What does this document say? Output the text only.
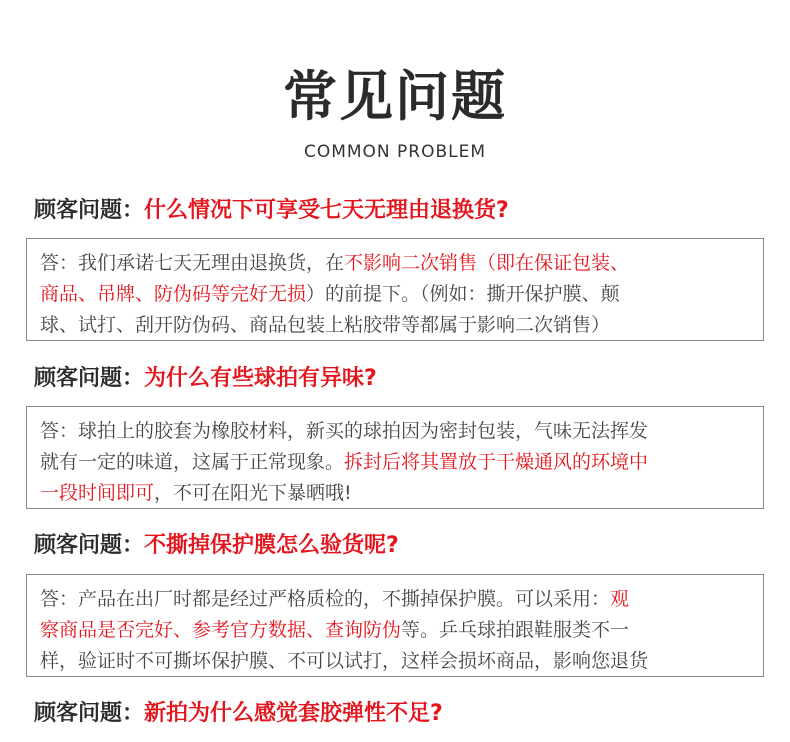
常见问题
COMMON PROBLEM
顾客问题：什么情况下可享受七天无理由退换货?
答：我们承诺七天无理由退换货，在不影响二次销售（即在保证包装、
商品、吊牌、防伪码等完好无损）的前提下。（例如：撕开保护膜、颠
球、试打、刮开防伪码、商品包装上粘胶带等都属于影响二次销售）
顾客问题：为什么有些球拍有异味?
答：球拍上的胶套为橡胶材料，新买的球拍因为密封包装，气味无法挥发
就有一定的味道，这属于正常现象。拆封后将其置放于干燥通风的环境中
一段时间即可，不可在阳光下暴晒哦!
顾客问题：不撕掉保护膜怎么验货呢?
答：产品在出厂时都是经过严格质检的，不撕掉保护膜。可以采用：观
察商品是否完好、参考官方数据、查询防伪等。乒乓球拍跟鞋服类不一
样，验证时不可撕坏保护膜、不可以试打，这样会损坏商品，影响您退货
顾客问题：新拍为什么感觉套胶弹性不足?
